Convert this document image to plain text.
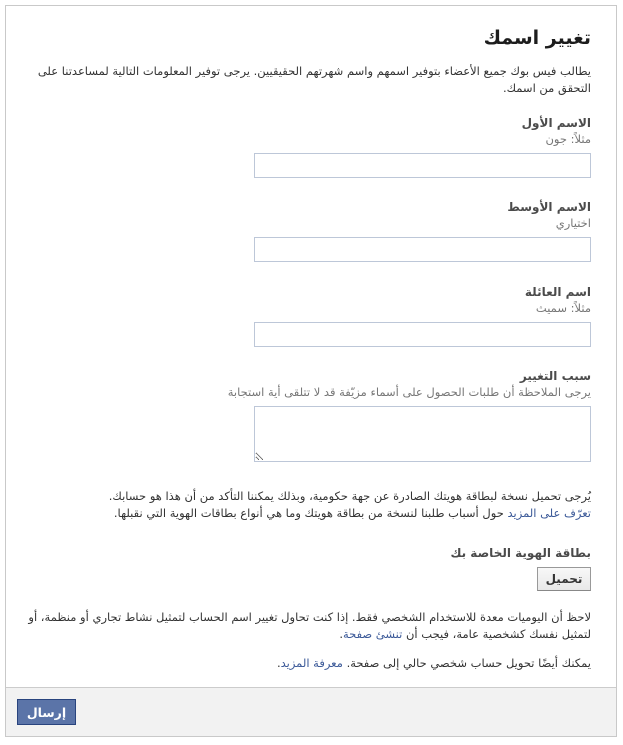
تغيير اسمك
يطالب فيس بوك جميع الأعضاء بتوفير اسمهم واسم شهرتهم الحقيقيين. يرجى توفير المعلومات التالية لمساعدتنا على التحقق من اسمك.
الاسم الأول
مثلاً: جون
الاسم الأوسط
اختياري
اسم العائلة
مثلاً: سميث
سبب التغيير
يرجى الملاحظة أن طلبات الحصول على أسماء مزيّفة قد لا تتلقى أية استجابة
يُرجى تحميل نسخة لبطاقة هويتك الصادرة عن جهة حكومية، وبذلك يمكننا التأكد من أن هذا هو حسابك.
تعرّف على المزيد حول أسباب طلبنا لنسخة من بطاقة هويتك وما هي أنواع بطاقات الهوية التي نقبلها.
بطاقة الهوية الخاصة بك
تحميل
لاحظ أن اليوميات معدة للاستخدام الشخصي فقط. إذا كنت تحاول تغيير اسم الحساب لتمثيل نشاط تجاري أو منظمة، أو لتمثيل نفسك كشخصية عامة، فيجب أن تنشئ صفحة.
يمكنك أيضًا تحويل حساب شخصي حالي إلى صفحة. معرفة المزيد.
إرسال
